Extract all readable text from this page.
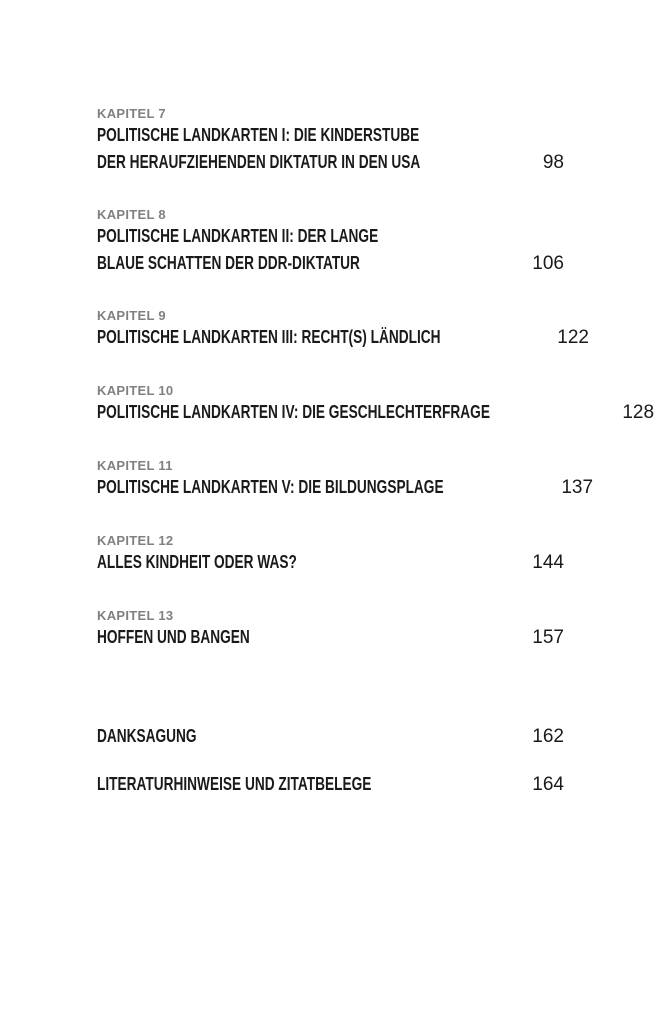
KAPITEL 7
POLITISCHE LANDKARTEN I: DIE KINDERSTUBE
DER HERAUFZIEHENDEN DIKTATUR IN DEN USA	98
KAPITEL 8
POLITISCHE LANDKARTEN II: DER LANGE
BLAUE SCHATTEN DER DDR-DIKTATUR	106
KAPITEL 9
POLITISCHE LANDKARTEN III: RECHT(S) LÄNDLICH	122
KAPITEL 10
POLITISCHE LANDKARTEN IV: DIE GESCHLECHTERFRAGE	128
KAPITEL 11
POLITISCHE LANDKARTEN V: DIE BILDUNGSPLAGE	137
KAPITEL 12
ALLES KINDHEIT ODER WAS?	144
KAPITEL 13
HOFFEN UND BANGEN	157
DANKSAGUNG	162
LITERATURHINWEISE UND ZITATBELEGE	164
